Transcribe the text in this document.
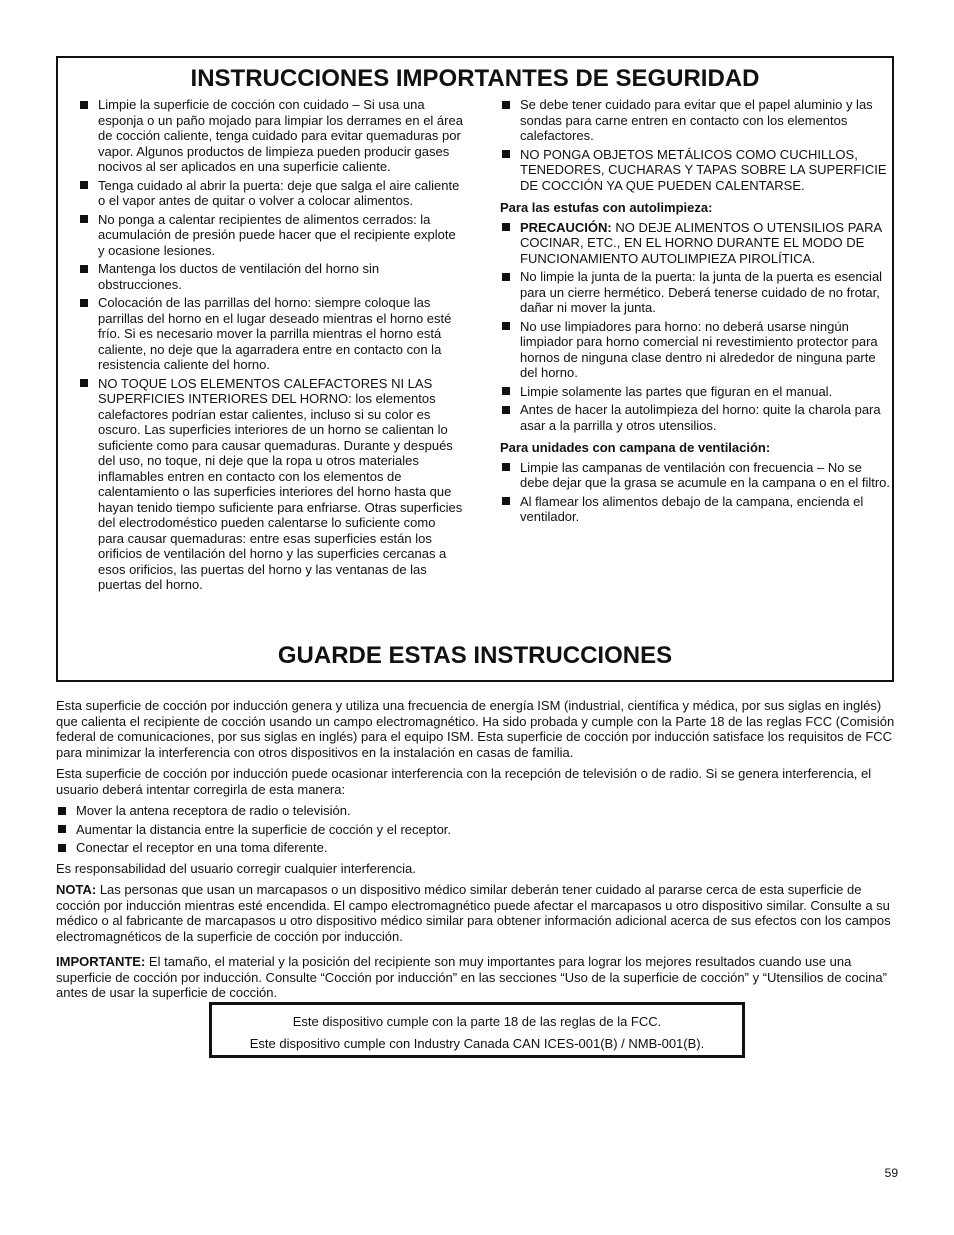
INSTRUCCIONES IMPORTANTES DE SEGURIDAD
Limpie la superficie de cocción con cuidado – Si usa una esponja o un paño mojado para limpiar los derrames en el área de cocción caliente, tenga cuidado para evitar quemaduras por vapor. Algunos productos de limpieza pueden producir gases nocivos al ser aplicados en una superficie caliente.
Tenga cuidado al abrir la puerta: deje que salga el aire caliente o el vapor antes de quitar o volver a colocar alimentos.
No ponga a calentar recipientes de alimentos cerrados: la acumulación de presión puede hacer que el recipiente explote y ocasione lesiones.
Mantenga los ductos de ventilación del horno sin obstrucciones.
Colocación de las parrillas del horno: siempre coloque las parrillas del horno en el lugar deseado mientras el horno esté frío. Si es necesario mover la parrilla mientras el horno está caliente, no deje que la agarradera entre en contacto con la resistencia caliente del horno.
NO TOQUE LOS ELEMENTOS CALEFACTORES NI LAS SUPERFICIES INTERIORES DEL HORNO: los elementos calefactores podrían estar calientes, incluso si su color es oscuro. Las superficies interiores de un horno se calientan lo suficiente como para causar quemaduras. Durante y después del uso, no toque, ni deje que la ropa u otros materiales inflamables entren en contacto con los elementos de calentamiento o las superficies interiores del horno hasta que hayan tenido tiempo suficiente para enfriarse. Otras superficies del electrodoméstico pueden calentarse lo suficiente como para causar quemaduras: entre esas superficies están los orificios de ventilación del horno y las superficies cercanas a esos orificios, las puertas del horno y las ventanas de las puertas del horno.
Se debe tener cuidado para evitar que el papel aluminio y las sondas para carne entren en contacto con los elementos calefactores.
NO PONGA OBJETOS METÁLICOS COMO CUCHILLOS, TENEDORES, CUCHARAS Y TAPAS SOBRE LA SUPERFICIE DE COCCIÓN YA QUE PUEDEN CALENTARSE.
Para las estufas con autolimpieza:
PRECAUCIÓN: NO DEJE ALIMENTOS O UTENSILIOS PARA COCINAR, ETC., EN EL HORNO DURANTE EL MODO DE FUNCIONAMIENTO AUTOLIMPIEZA PIROLÍTICA.
No limpie la junta de la puerta: la junta de la puerta es esencial para un cierre hermético. Deberá tenerse cuidado de no frotar, dañar ni mover la junta.
No use limpiadores para horno: no deberá usarse ningún limpiador para horno comercial ni revestimiento protector para hornos de ninguna clase dentro ni alrededor de ninguna parte del horno.
Limpie solamente las partes que figuran en el manual.
Antes de hacer la autolimpieza del horno: quite la charola para asar a la parrilla y otros utensilios.
Para unidades con campana de ventilación:
Limpie las campanas de ventilación con frecuencia – No se debe dejar que la grasa se acumule en la campana o en el filtro.
Al flamear los alimentos debajo de la campana, encienda el ventilador.
GUARDE ESTAS INSTRUCCIONES

Esta superficie de cocción por inducción genera y utiliza una frecuencia de energía ISM (industrial, científica y médica, por sus siglas en inglés) que calienta el recipiente de cocción usando un campo electromagnético. Ha sido probada y cumple con la Parte 18 de las reglas FCC (Comisión federal de comunicaciones, por sus siglas en inglés) para el equipo ISM. Esta superficie de cocción por inducción satisface los requisitos de FCC para minimizar la interferencia con otros dispositivos en la instalación en casas de familia.

Esta superficie de cocción por inducción puede ocasionar interferencia con la recepción de televisión o de radio. Si se genera interferencia, el usuario deberá intentar corregirla de esta manera:

Mover la antena receptora de radio o televisión.
Aumentar la distancia entre la superficie de cocción y el receptor.
Conectar el receptor en una toma diferente.

Es responsabilidad del usuario corregir cualquier interferencia.

NOTA: Las personas que usan un marcapasos o un dispositivo médico similar deberán tener cuidado al pararse cerca de esta superficie de cocción por inducción mientras esté encendida. El campo electromagnético puede afectar el marcapasos u otro dispositivo similar. Consulte a su médico o al fabricante de marcapasos u otro dispositivo médico similar para obtener información adicional acerca de sus efectos con los campos electromagnéticos de la superficie de cocción por inducción.

IMPORTANTE: El tamaño, el material y la posición del recipiente son muy importantes para lograr los mejores resultados cuando use una superficie de cocción por inducción. Consulte “Cocción por inducción” en las secciones “Uso de la superficie de cocción” y “Utensilios de cocina” antes de usar la superficie de cocción.

Este dispositivo cumple con la parte 18 de las reglas de la FCC.

Este dispositivo cumple con Industry Canada CAN ICES-001(B) / NMB-001(B).

59
